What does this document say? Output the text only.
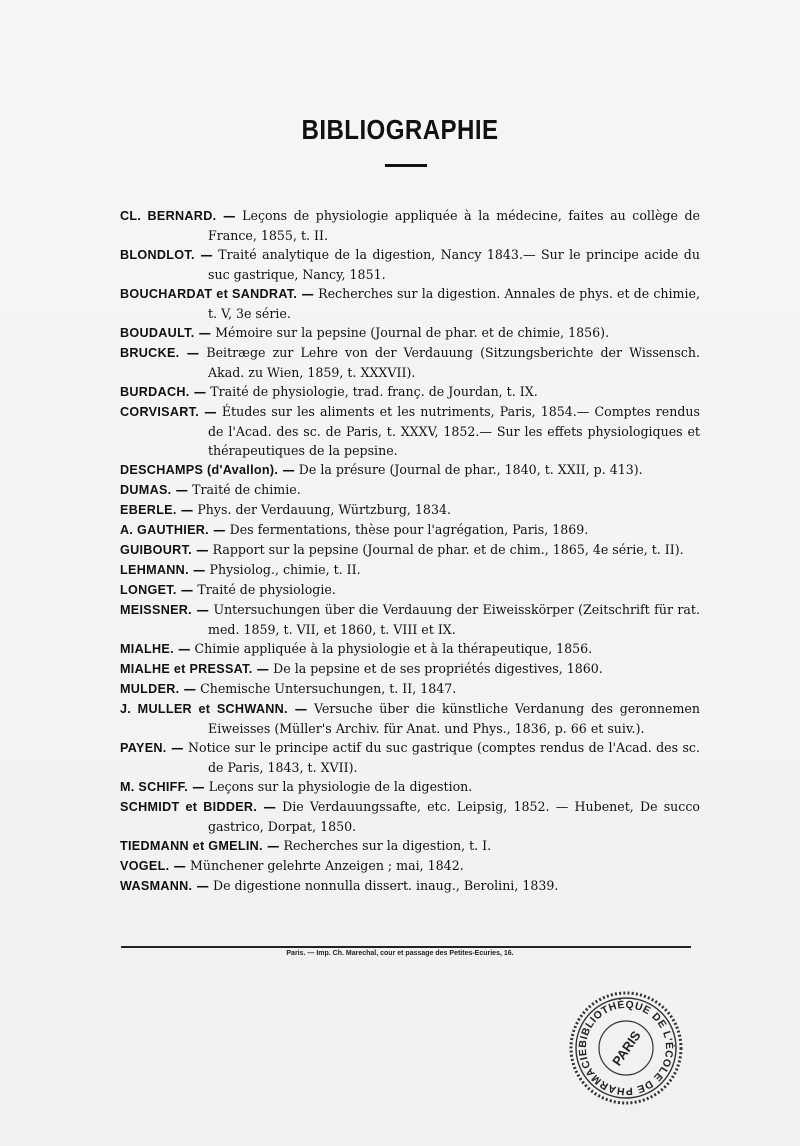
BIBLIOGRAPHIE
CL. BERNARD. — Leçons de physiologie appliquée à la médecine, faites au collège de France, 1855, t. II.
BLONDLOT. — Traité analytique de la digestion, Nancy 1843.— Sur le principe acide du suc gastrique, Nancy, 1851.
BOUCHARDAT et SANDRAT. — Recherches sur la digestion. Annales de phys. et de chimie, t. V, 3e série.
BOUDAULT. — Mémoire sur la pepsine (Journal de phar. et de chimie, 1856).
BRUCKE. — Beitræge zur Lehre von der Verdauung (Sitzungsberichte der Wissensch. Akad. zu Wien, 1859, t. XXXVII).
BURDACH. — Traité de physiologie, trad. franç. de Jourdan, t. IX.
CORVISART. — Études sur les aliments et les nutriments, Paris, 1854.— Comptes rendus de l'Acad. des sc. de Paris, t. XXXV, 1852.— Sur les effets physiologiques et thérapeutiques de la pepsine.
DESCHAMPS (d'Avallon). — De la présure (Journal de phar., 1840, t. XXII, p. 413).
DUMAS. — Traité de chimie.
EBERLE. — Phys. der Verdauung, Würtzburg, 1834.
A. GAUTHIER. — Des fermentations, thèse pour l'agrégation, Paris, 1869.
GUIBOURT. — Rapport sur la pepsine (Journal de phar. et de chim., 1865, 4e série, t. II).
LEHMANN. — Physiolog., chimie, t. II.
LONGET. — Traité de physiologie.
MEISSNER. — Untersuchungen über die Verdauung der Eiweisskörper (Zeitschrift für rat. med. 1859, t. VII, et 1860, t. VIII et IX.
MIALHE. — Chimie appliquée à la physiologie et à la thérapeutique, 1856.
MIALHE et PRESSAT. — De la pepsine et de ses propriétés digestives, 1860.
MULDER. — Chemische Untersuchungen, t. II, 1847.
J. MULLER et SCHWANN. — Versuche über die künstliche Verdanung des geronnemen Eiweisses (Müller's Archiv. für Anat. und Phys., 1836, p. 66 et suiv.).
PAYEN. — Notice sur le principe actif du suc gastrique (comptes rendus de l'Acad. des sc. de Paris, 1843, t. XVII).
M. SCHIFF. — Leçons sur la physiologie de la digestion.
SCHMIDT et BIDDER. — Die Verdauungssafte, etc. Leipsig, 1852. — Hubenet, De succo gastrico, Dorpat, 1850.
TIEDMANN et GMELIN. — Recherches sur la digestion, t. I.
VOGEL. — Münchener gelehrte Anzeigen ; mai, 1842.
WASMANN. — De digestione nonnulla dissert. inaug., Berolini, 1839.
Paris. — Imp. Ch. Marechal, cour et passage des Petites-Ecuries, 16.
BIBLIOTHÈQUE DE L'ÉCOLE DE PHARMACIE	PARIS
